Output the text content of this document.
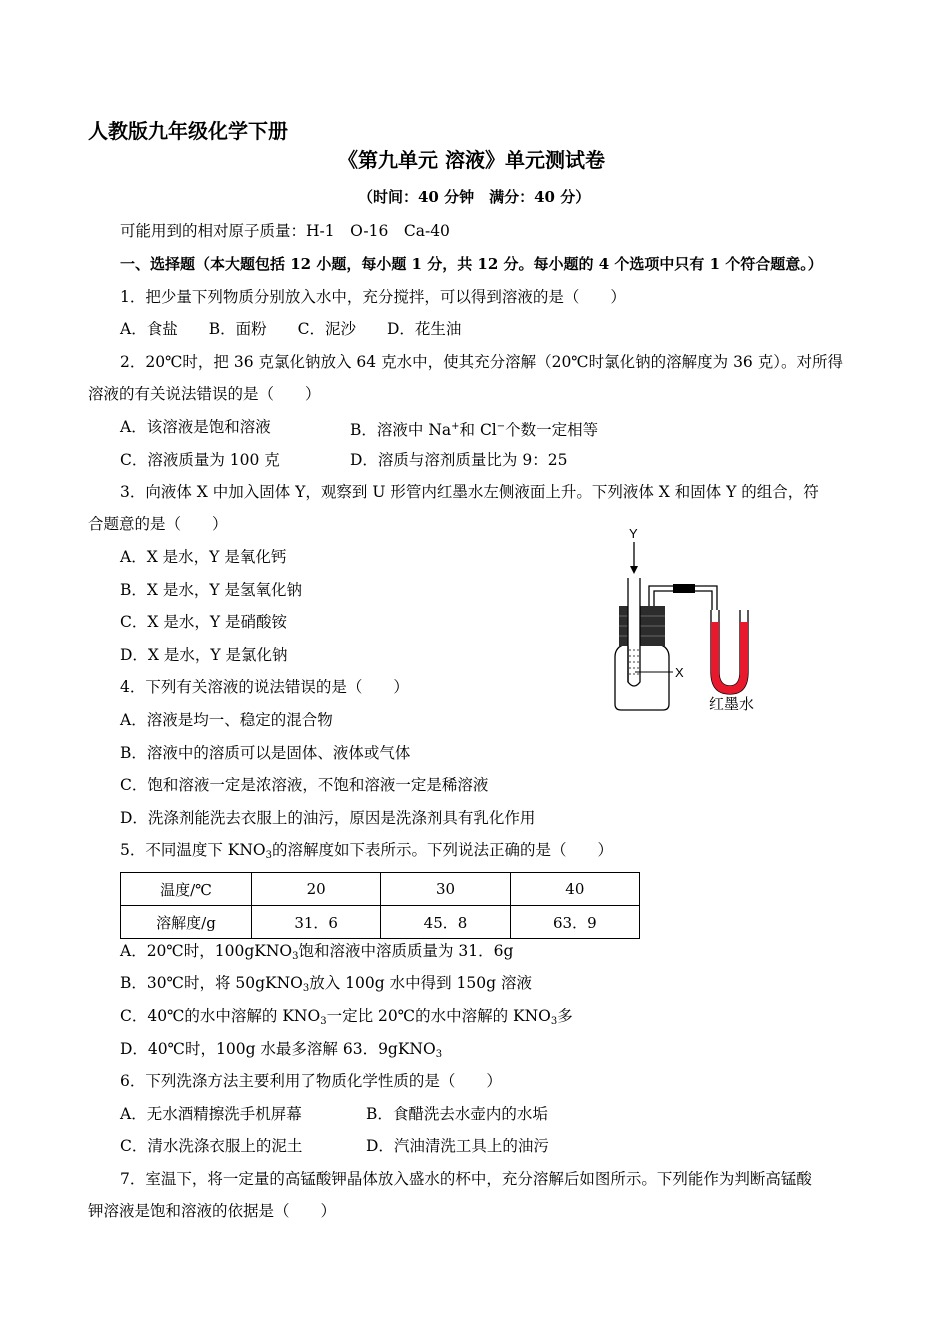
人教版九年级化学下册
《第九单元 溶液》单元测试卷
（时间：40 分钟　满分：40 分）
可能用到的相对原子质量：H-1　O-16　Ca-40
一、选择题（本大题包括 12 小题，每小题 1 分，共 12 分。每小题的 4 个选项中只有 1 个符合题意。）
1．把少量下列物质分别放入水中，充分搅拌，可以得到溶液的是（　　）
A．食盐　　B．面粉　　C．泥沙　　D．花生油
2．20℃时，把 36 克氯化钠放入 64 克水中，使其充分溶解（20℃时氯化钠的溶解度为 36 克）。对所得
溶液的有关说法错误的是（　　）
A．该溶液是饱和溶液	B．溶液中 Na+和 Cl−个数一定相等
C．溶液质量为 100 克	D．溶质与溶剂质量比为 9：25
3．向液体 X 中加入固体 Y，观察到 U 形管内红墨水左侧液面上升。下列液体 X 和固体 Y 的组合，符
合题意的是（　　）
A．X 是水，Y 是氧化钙
B．X 是水，Y 是氢氧化钠
C．X 是水，Y 是硝酸铵
D．X 是水，Y 是氯化钠
Y
X
红墨水
4．下列有关溶液的说法错误的是（　　）
A．溶液是均一、稳定的混合物
B．溶液中的溶质可以是固体、液体或气体
C．饱和溶液一定是浓溶液，不饱和溶液一定是稀溶液
D．洗涤剂能洗去衣服上的油污，原因是洗涤剂具有乳化作用
5．不同温度下 $KNO_3$的溶解度如下表所示。下列说法正确的是（　　）
温度/℃	20	30	40
溶解度/g	31．6	45．8	63．9
A．20℃时，100gKNO$_3$饱和溶液中溶质质量为 31．6g
B．30℃时，将 50gKNO$_3$放入 100g 水中得到 150g 溶液
C．40℃的水中溶解的 $KNO_3$一定比 20℃的水中溶解的 $KNO_3$多
D．40℃时，100g 水最多溶解 63．9gKNO$_3$
6．下列洗涤方法主要利用了物质化学性质的是（　　）
A．无水酒精擦洗手机屏幕	B．食醋洗去水壶内的水垢
C．清水洗涤衣服上的泥土	D．汽油清洗工具上的油污
7．室温下，将一定量的高锰酸钾晶体放入盛水的杯中，充分溶解后如图所示。下列能作为判断高锰酸
钾溶液是饱和溶液的依据是（　　）
